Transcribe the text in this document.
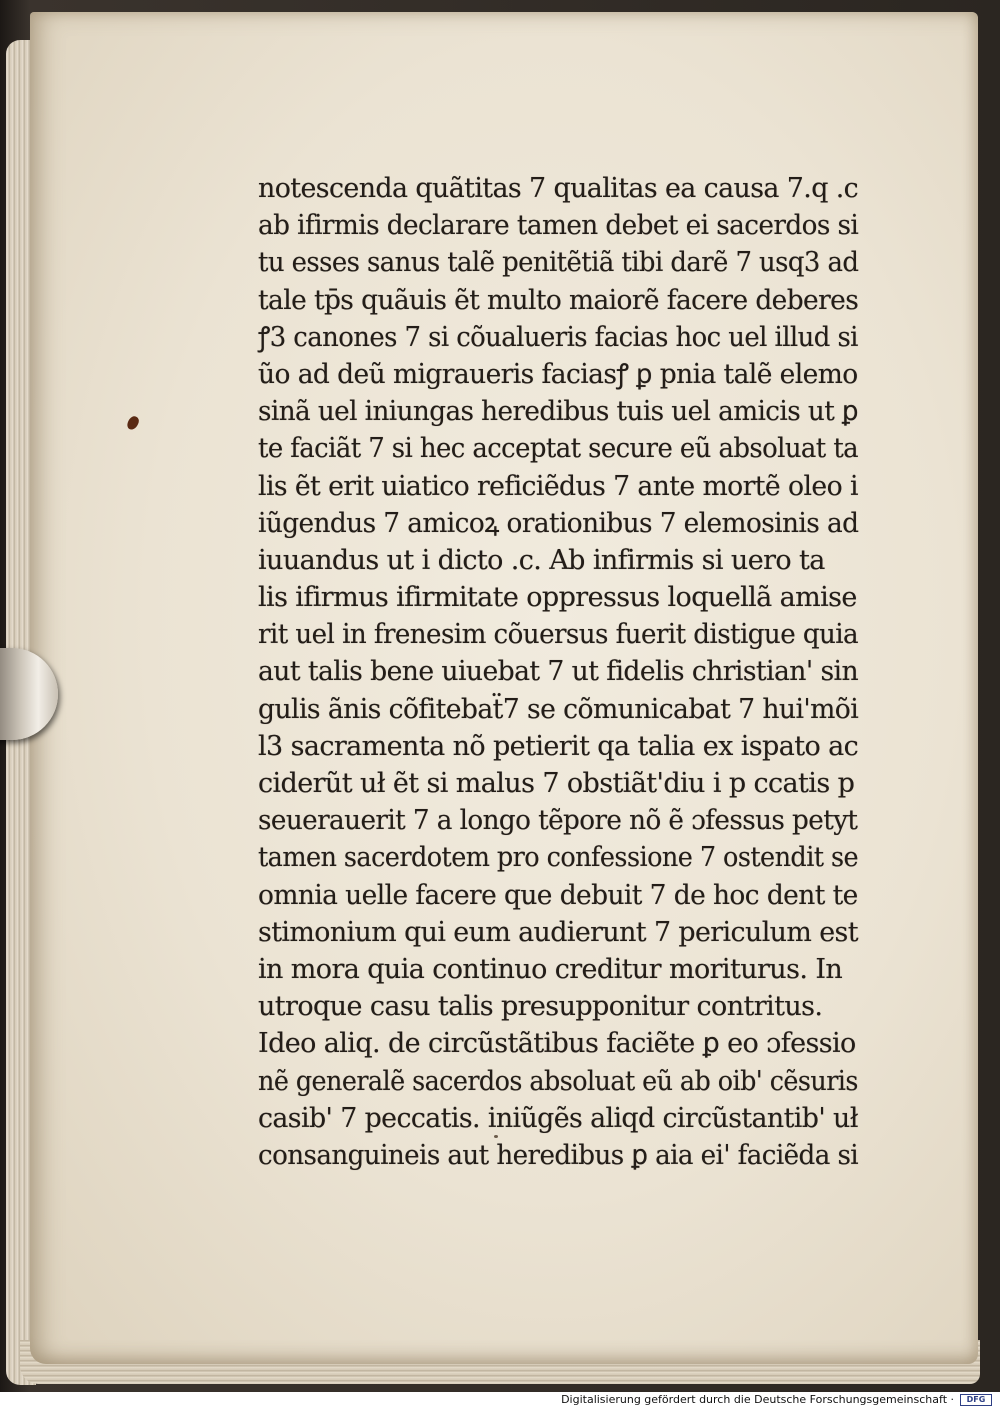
notescenda quãtitas 7 qualitas ea causa 7.q .c
ab ifirmis declarare tamen debet ei sacerdos si
tu esses sanus talẽ penitẽtiã tibi darẽ 7 usq3 ad
tale tp̄s quãuis ẽt multo maiorẽ facere deberes
ꝭ3 canones 7 si cõualueris facias hoc uel illud si
ũo ad deũ migraueris faciasꝭ ꝑ pnia talẽ elemo
sinã uel iniungas heredibus tuis uel amicis ut ꝑ
te faciãt 7 si hec acceptat secure eũ absoluat ta
lis ẽt erit uiatico reficiẽdus 7 ante mortẽ oleo i
iũgendus 7 amicoꝝ orationibus 7 elemosinis ad
iuuandus ut i dicto .c. Ab infirmis si uero ta
lis ifirmus ifirmitate oppressus loquellã amise
rit uel in frenesim cõuersus fuerit distigue quia
aut talis bene uiuebat 7 ut fidelis christian' sin
gulis ãnis cõfitebaẗ7 se cõmunicabat 7 hui'mõi
l3 sacramenta nõ petierit qa talia ex ispato ac
ciderũt uł ẽt si malus 7 obstiãt'diu i p ccatis p
seuerauerit 7 a longo tẽpore nõ ẽ ɔfessus petyt
tamen sacerdotem pro confessione 7 ostendit se
omnia uelle facere que debuit 7 de hoc dent te
stimonium qui eum audierunt 7 periculum est
in mora quia continuo creditur moriturus. In
utroque casu talis presupponitur contritus.
Ideo aliq. de circũstãtibus faciẽte ꝑ eo ɔfessio
nẽ generalẽ sacerdos absoluat eũ ab oib' cẽsuris
casib' 7 peccatis. iniũgẽs aliqd circũstantib' uł
consanguineis aut heredibus ꝑ aia ei' faciẽda si
Digitalisierung gefördert durch die Deutsche Forschungsgemeinschaft ·	DFG
